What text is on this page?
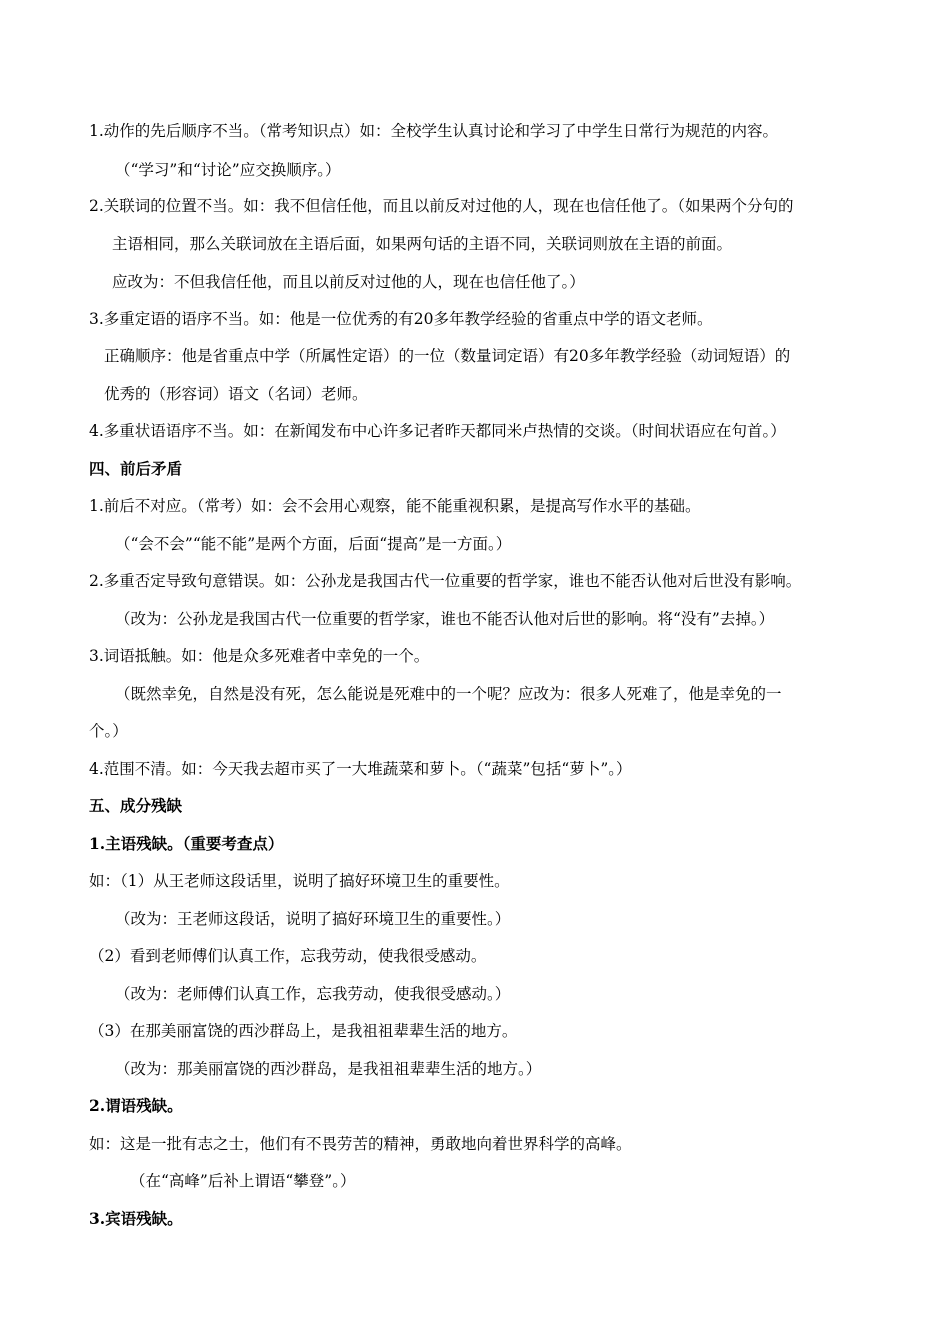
1.动作的先后顺序不当。（常考知识点）如：全校学生认真讨论和学习了中学生日常行为规范的内容。
（“学习”和“讨论”应交换顺序。）
2.关联词的位置不当。如：我不但信任他，而且以前反对过他的人，现在也信任他了。（如果两个分句的
主语相同，那么关联词放在主语后面，如果两句话的主语不同，关联词则放在主语的前面。
应改为：不但我信任他，而且以前反对过他的人，现在也信任他了。）
3.多重定语的语序不当。如：他是一位优秀的有20多年教学经验的省重点中学的语文老师。
正确顺序：他是省重点中学（所属性定语）的一位（数量词定语）有20多年教学经验（动词短语）的
优秀的（形容词）语文（名词）老师。
4.多重状语语序不当。如：在新闻发布中心许多记者昨天都同米卢热情的交谈。（时间状语应在句首。）
四、前后矛盾
1.前后不对应。（常考）如：会不会用心观察，能不能重视积累，是提高写作水平的基础。
（“会不会”“能不能”是两个方面，后面“提高”是一方面。）
2.多重否定导致句意错误。如：公孙龙是我国古代一位重要的哲学家，谁也不能否认他对后世没有影响。
（改为：公孙龙是我国古代一位重要的哲学家，谁也不能否认他对后世的影响。将“没有”去掉。）
3.词语抵触。如：他是众多死难者中幸免的一个。
（既然幸免，自然是没有死，怎么能说是死难中的一个呢？应改为：很多人死难了，他是幸免的一
个。）
4.范围不清。如：今天我去超市买了一大堆蔬菜和萝卜。（“蔬菜”包括“萝卜”。）
五、成分残缺
1.主语残缺。（重要考查点）
如：（1）从王老师这段话里，说明了搞好环境卫生的重要性。
（改为：王老师这段话，说明了搞好环境卫生的重要性。）
（2）看到老师傅们认真工作，忘我劳动，使我很受感动。
（改为：老师傅们认真工作，忘我劳动，使我很受感动。）
（3）在那美丽富饶的西沙群岛上，是我祖祖辈辈生活的地方。
（改为：那美丽富饶的西沙群岛，是我祖祖辈辈生活的地方。）
2.谓语残缺。
如：这是一批有志之士，他们有不畏劳苦的精神，勇敢地向着世界科学的高峰。
（在“高峰”后补上谓语“攀登”。）
3.宾语残缺。
